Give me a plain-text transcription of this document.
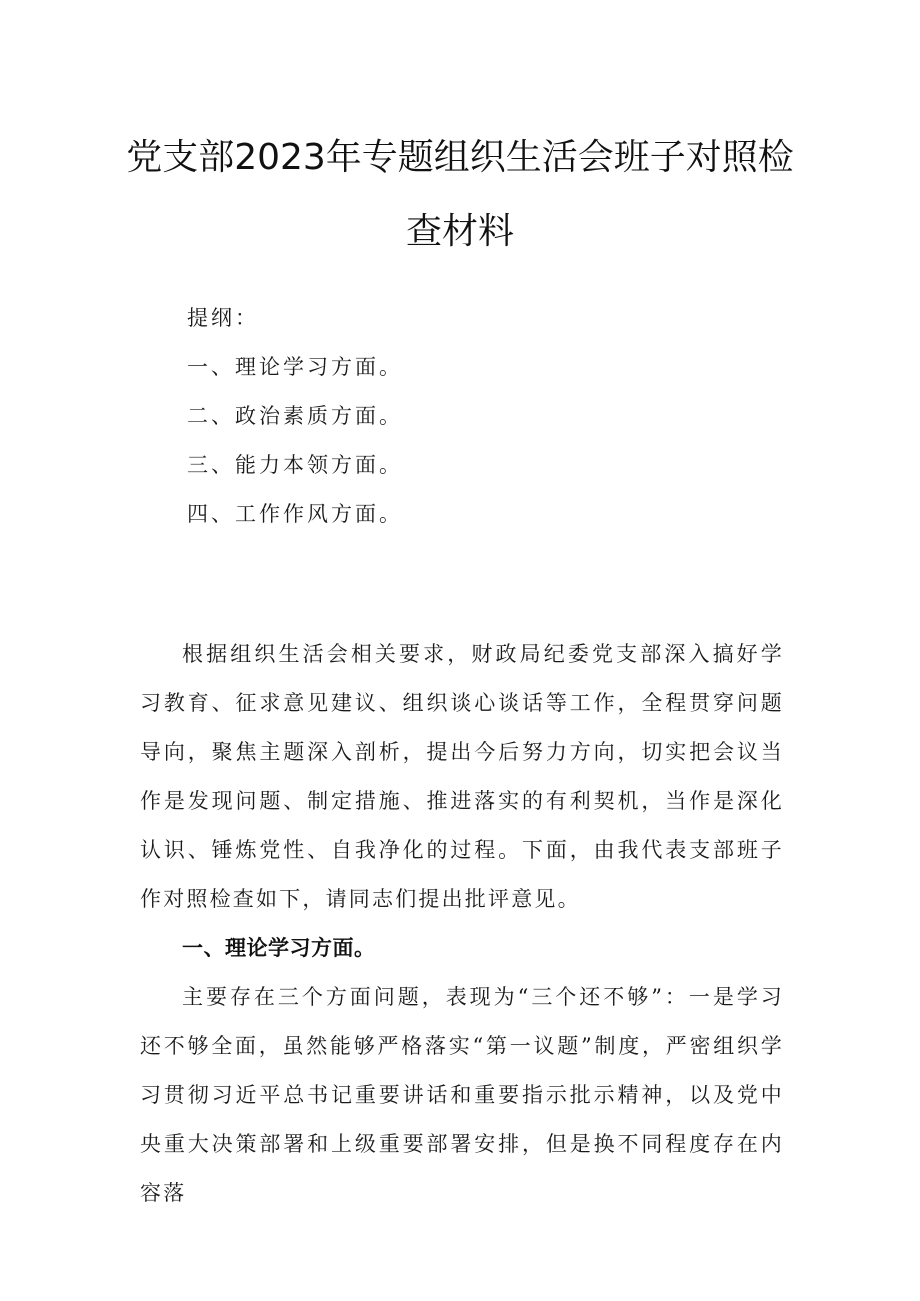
党支部2023年专题组织生活会班子对照检
查材料
提纲：
一、理论学习方面。
二、政治素质方面。
三、能力本领方面。
四、工作作风方面。

根据组织生活会相关要求，财政局纪委党支部深入搞好学习教育、征求意见建议、组织谈心谈话等工作，全程贯穿问题导向，聚焦主题深入剖析，提出今后努力方向，切实把会议当作是发现问题、制定措施、推进落实的有利契机，当作是深化认识、锤炼党性、自我净化的过程。下面，由我代表支部班子作对照检查如下，请同志们提出批评意见。

一、理论学习方面。

主要存在三个方面问题，表现为“三个还不够”：一是学习还不够全面，虽然能够严格落实“第一议题”制度，严密组织学习贯彻习近平总书记重要讲话和重要指示批示精神，以及党中央重大决策部署和上级重要部署安排，但是换不同程度存在内容落
